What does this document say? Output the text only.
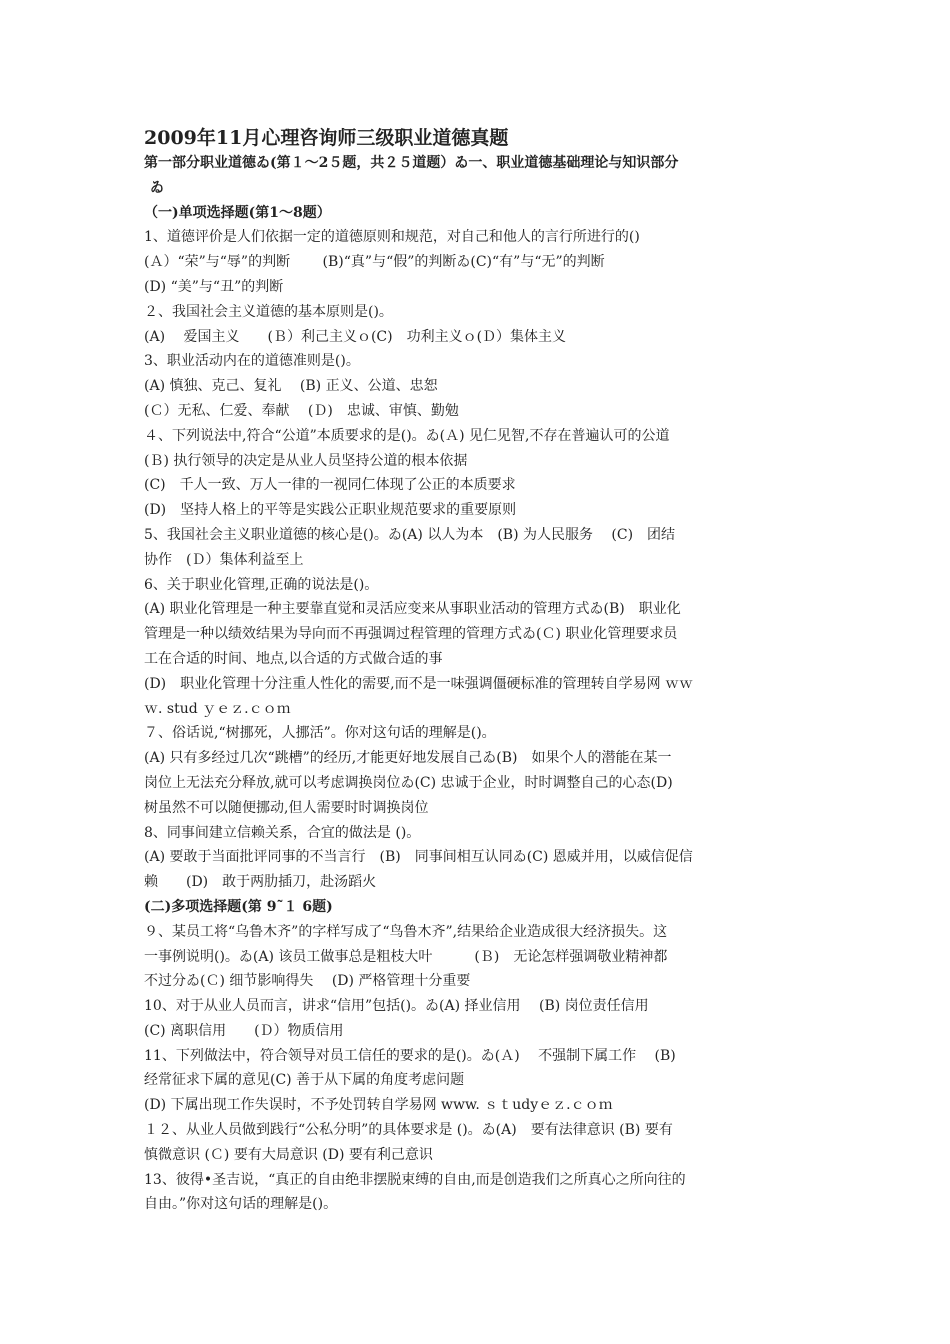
2009年11月心理咨询师三级职业道德真题

第一部分职业道德ゐ(第１～2５题，共２５道题）ゐ一、职业道德基础理论与知识部分

ゐ

（一)单项选择题(第1～8题）

1、道德评价是人们依据一定的道德原则和规范，对自己和他人的言行所进行的()

(Ａ）“荣”与“辱”的判断　　 (B)“真”与“假”的判断ゐ(C)“有”与“无”的判断

(D) “美”与“丑”的判断

２、我国社会主义道德的基本原则是()。

(A)　 爱国主义　　(Ｂ）利己主义ｏ(C)　功利主义ｏ(Ｄ）集体主义

3、职业活动内在的道德准则是()。

(A) 慎独、克己、复礼　 (B) 正义、公道、忠恕

(Ｃ）无私、仁爱、奉献　 (Ｄ)　忠诚、审慎、勤勉

４、下列说法中,符合“公道”本质要求的是()。ゐ(Ａ) 见仁见智,不存在普遍认可的公道

(Ｂ) 执行领导的决定是从业人员坚持公道的根本依据

(C)　千人一致、万人一律的一视同仁体现了公正的本质要求

(D)　坚持人格上的平等是实践公正职业规范要求的重要原则

5、我国社会主义职业道德的核心是()。ゐ(A) 以人为本　(B) 为人民服务　 (C)　团结

协作　(Ｄ）集体利益至上

6、关于职业化管理,正确的说法是()。

(A) 职业化管理是一种主要靠直觉和灵活应变来从事职业活动的管理方式ゐ(B)　职业化

管理是一种以绩效结果为导向而不再强调过程管理的管理方式ゐ(Ｃ) 职业化管理要求员

工在合适的时间、地点,以合适的方式做合适的事

(D)　职业化管理十分注重人性化的需要,而不是一味强调僵硬标准的管理转自学易网 ｗｗ

ｗ. stud ｙｅｚ.ｃｏｍ

７、俗话说,“树挪死，人挪活”。你对这句话的理解是()。

(A) 只有多经过几次“跳槽”的经历,才能更好地发展自己ゐ(B)　如果个人的潜能在某一

岗位上无法充分释放,就可以考虑调换岗位ゐ(C) 忠诚于企业，时时调整自己的心态(D)

树虽然不可以随便挪动,但人需要时时调换岗位

8、同事间建立信赖关系，合宜的做法是 ()。

(A) 要敢于当面批评同事的不当言行　(B)　同事间相互认同ゐ(C) 恩威并用，以威信促信

赖　　(D)　敢于两肋插刀，赴汤蹈火

(二)多项选择题(第 9˜１ 6题)

９、某员工将“乌鲁木齐”的字样写成了“鸟鲁木齐”,结果给企业造成很大经济损失。这

一事例说明()。ゐ(A) 该员工做事总是粗枝大叶　　　(Ｂ)　无论怎样强调敬业精神都

不过分ゐ(Ｃ) 细节影响得失　 (D) 严格管理十分重要

10、对于从业人员而言，讲求“信用”包括()。ゐ(A) 择业信用　 (B) 岗位责任信用

(C) 离职信用　　(Ｄ）物质信用

11、下列做法中，符合领导对员工信任的要求的是()。ゐ(Ａ)　 不强制下属工作　 (B)

经常征求下属的意见(C) 善于从下属的角度考虑问题

(D) 下属出现工作失误时，不予处罚转自学易网 www. ｓｔudyｅｚ.ｃｏｍ

１２、从业人员做到践行“公私分明”的具体要求是 ()。ゐ(A)　要有法律意识 (B) 要有

慎微意识 (Ｃ) 要有大局意识 (D) 要有利己意识

13、彼得•圣吉说，“真正的自由绝非摆脱束缚的自由,而是创造我们之所真心之所向往的

自由。”你对这句话的理解是()。
